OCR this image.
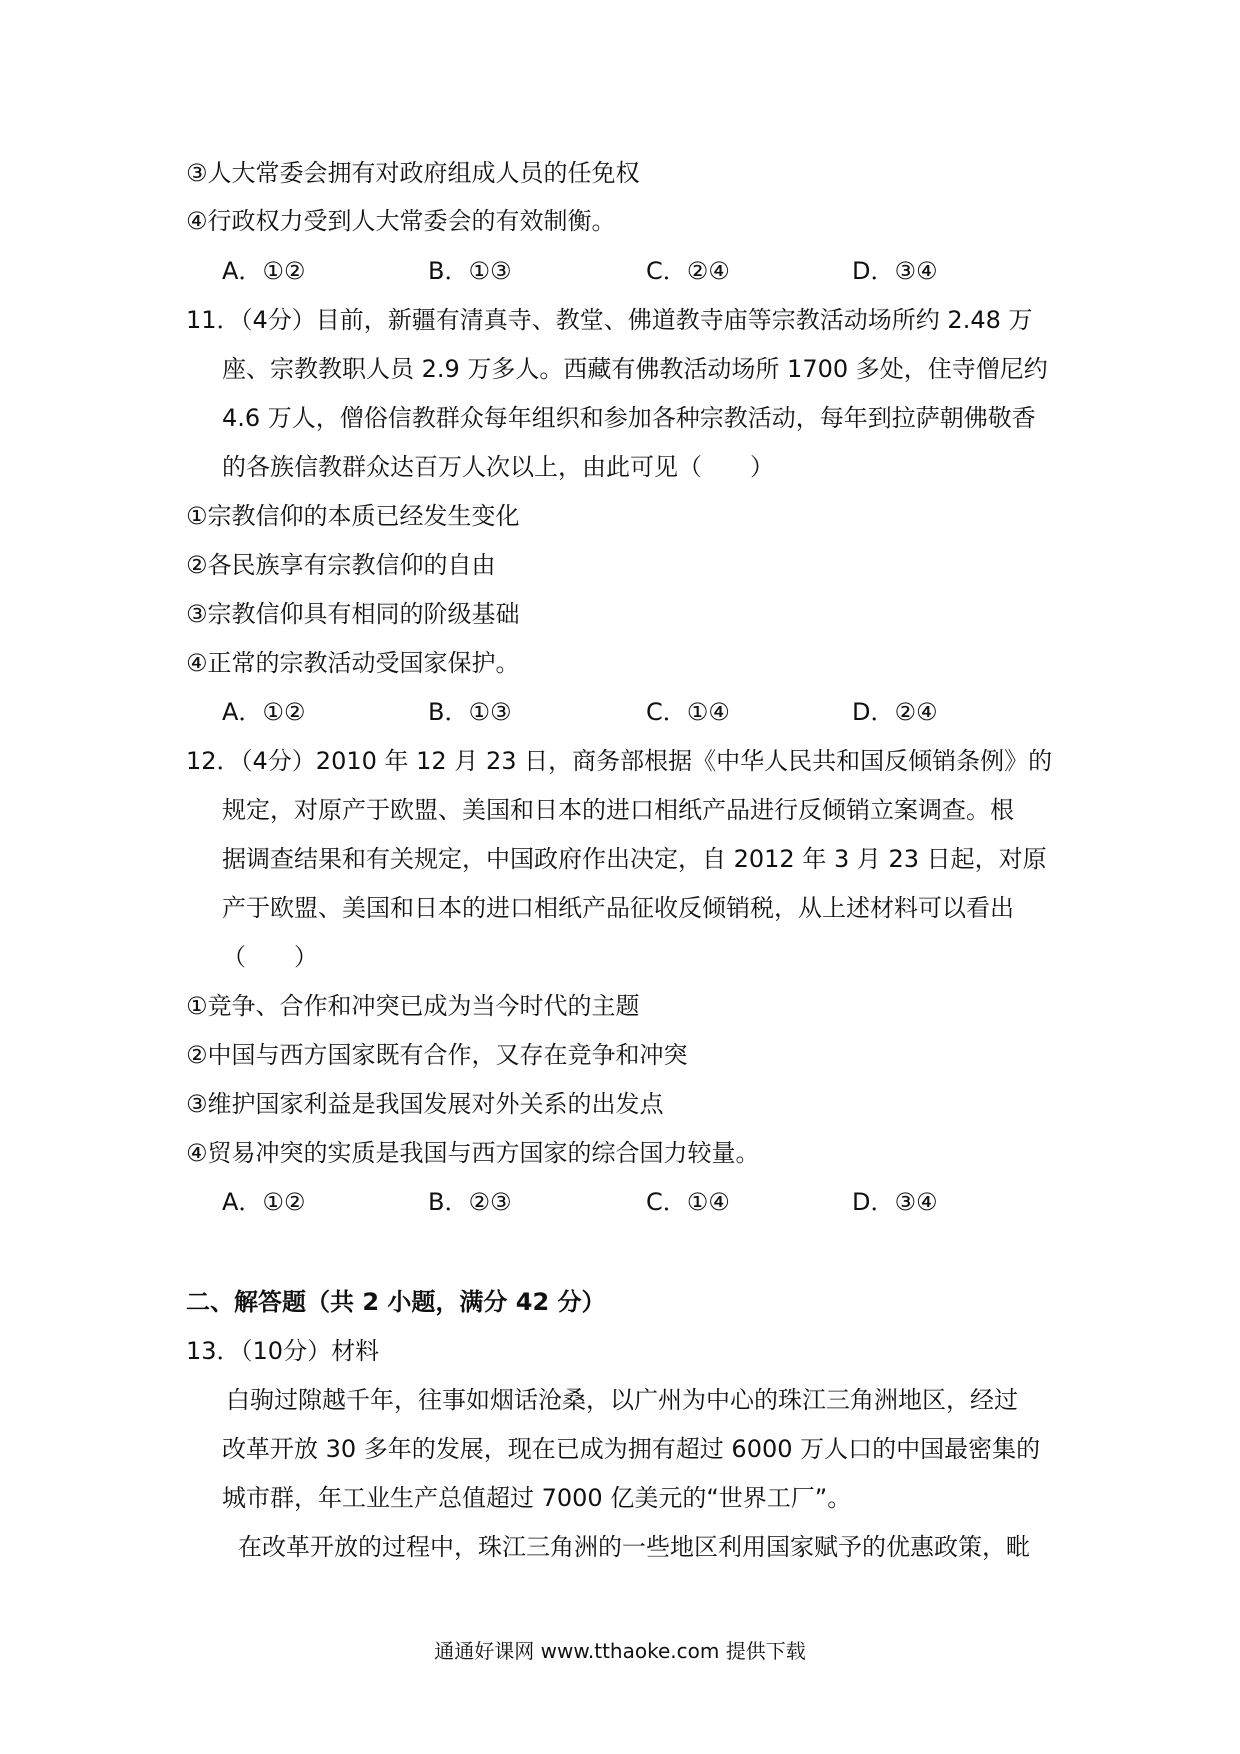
③人大常委会拥有对政府组成人员的任免权
④行政权力受到人大常委会的有效制衡。
A．①②	B．①③	C．②④	D．③④
11．（4分）目前，新疆有清真寺、教堂、佛道教寺庙等宗教活动场所约 2.48 万
座、宗教教职人员 2.9 万多人。西藏有佛教活动场所 1700 多处，住寺僧尼约
4.6 万人，僧俗信教群众每年组织和参加各种宗教活动，每年到拉萨朝佛敬香
的各族信教群众达百万人次以上，由此可见（　　）
①宗教信仰的本质已经发生变化
②各民族享有宗教信仰的自由
③宗教信仰具有相同的阶级基础
④正常的宗教活动受国家保护。
A．①②	B．①③	C．①④	D．②④
12．（4分）2010 年 12 月 23 日，商务部根据《中华人民共和国反倾销条例》的
规定，对原产于欧盟、美国和日本的进口相纸产品进行反倾销立案调查。根
据调查结果和有关规定，中国政府作出决定，自 2012 年 3 月 23 日起，对原
产于欧盟、美国和日本的进口相纸产品征收反倾销税，从上述材料可以看出
（　　）
①竞争、合作和冲突已成为当今时代的主题
②中国与西方国家既有合作，又存在竞争和冲突
③维护国家利益是我国发展对外关系的出发点
④贸易冲突的实质是我国与西方国家的综合国力较量。
A．①②	B．②③	C．①④	D．③④
二、解答题（共 2 小题，满分 42 分）
13．（10分）材料
白驹过隙越千年，往事如烟话沧桑，以广州为中心的珠江三角洲地区，经过
改革开放 30 多年的发展，现在已成为拥有超过 6000 万人口的中国最密集的
城市群，年工业生产总值超过 7000 亿美元的“世界工厂”。
在改革开放的过程中，珠江三角洲的一些地区利用国家赋予的优惠政策，毗
通通好课网 www.tthaoke.com 提供下载
